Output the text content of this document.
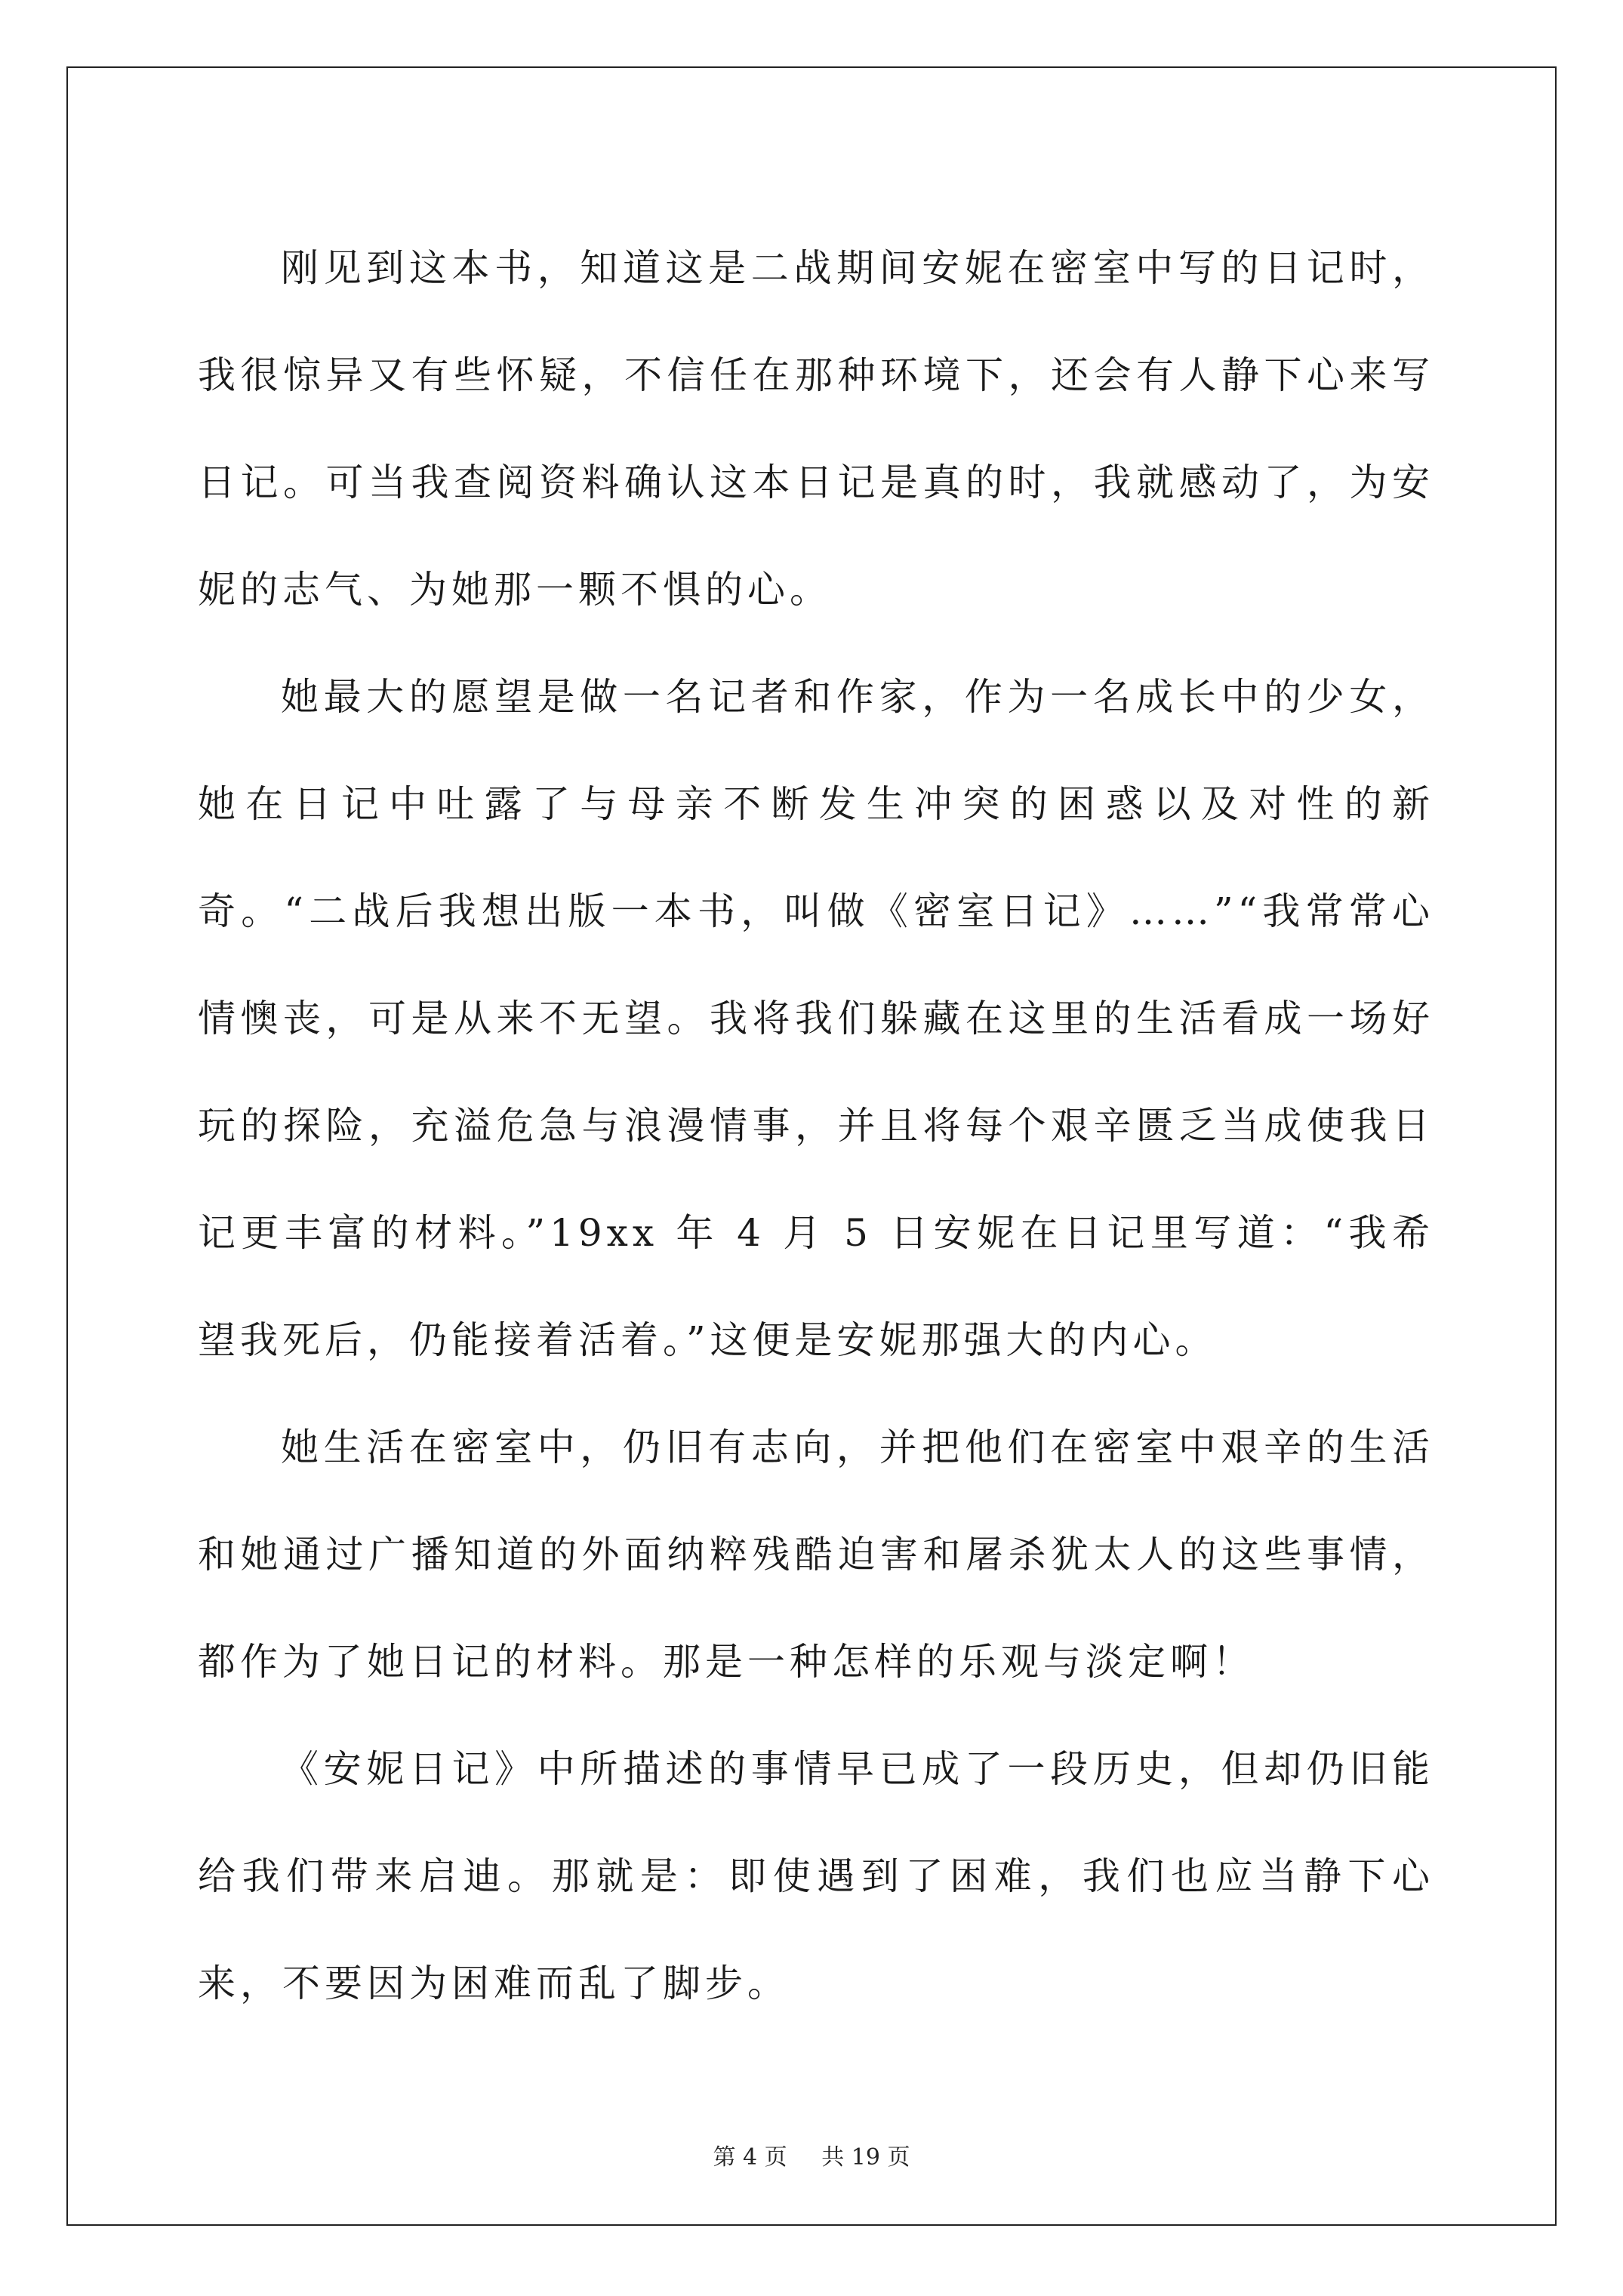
刚见到这本书，知道这是二战期间安妮在密室中写的日记时，我很惊异又有些怀疑，不信任在那种环境下，还会有人静下心来写日记。可当我查阅资料确认这本日记是真的时，我就感动了，为安妮的志气、为她那一颗不惧的心。

她最大的愿望是做一名记者和作家，作为一名成长中的少女，她在日记中吐露了与母亲不断发生冲突的困惑以及对性的新奇。“二战后我想出版一本书，叫做《密室日记》……”“我常常心情懊丧，可是从来不无望。我将我们躲藏在这里的生活看成一场好玩的探险，充溢危急与浪漫情事，并且将每个艰辛匮乏当成使我日记更丰富的材料。”19xx 年 4 月 5 日安妮在日记里写道：“我希望我死后，仍能接着活着。”这便是安妮那强大的内心。

她生活在密室中，仍旧有志向，并把他们在密室中艰辛的生活和她通过广播知道的外面纳粹残酷迫害和屠杀犹太人的这些事情，都作为了她日记的材料。那是一种怎样的乐观与淡定啊！

《安妮日记》中所描述的事情早已成了一段历史，但却仍旧能给我们带来启迪。那就是：即使遇到了困难，我们也应当静下心来，不要因为困难而乱了脚步。

第 4 页 共 19 页
